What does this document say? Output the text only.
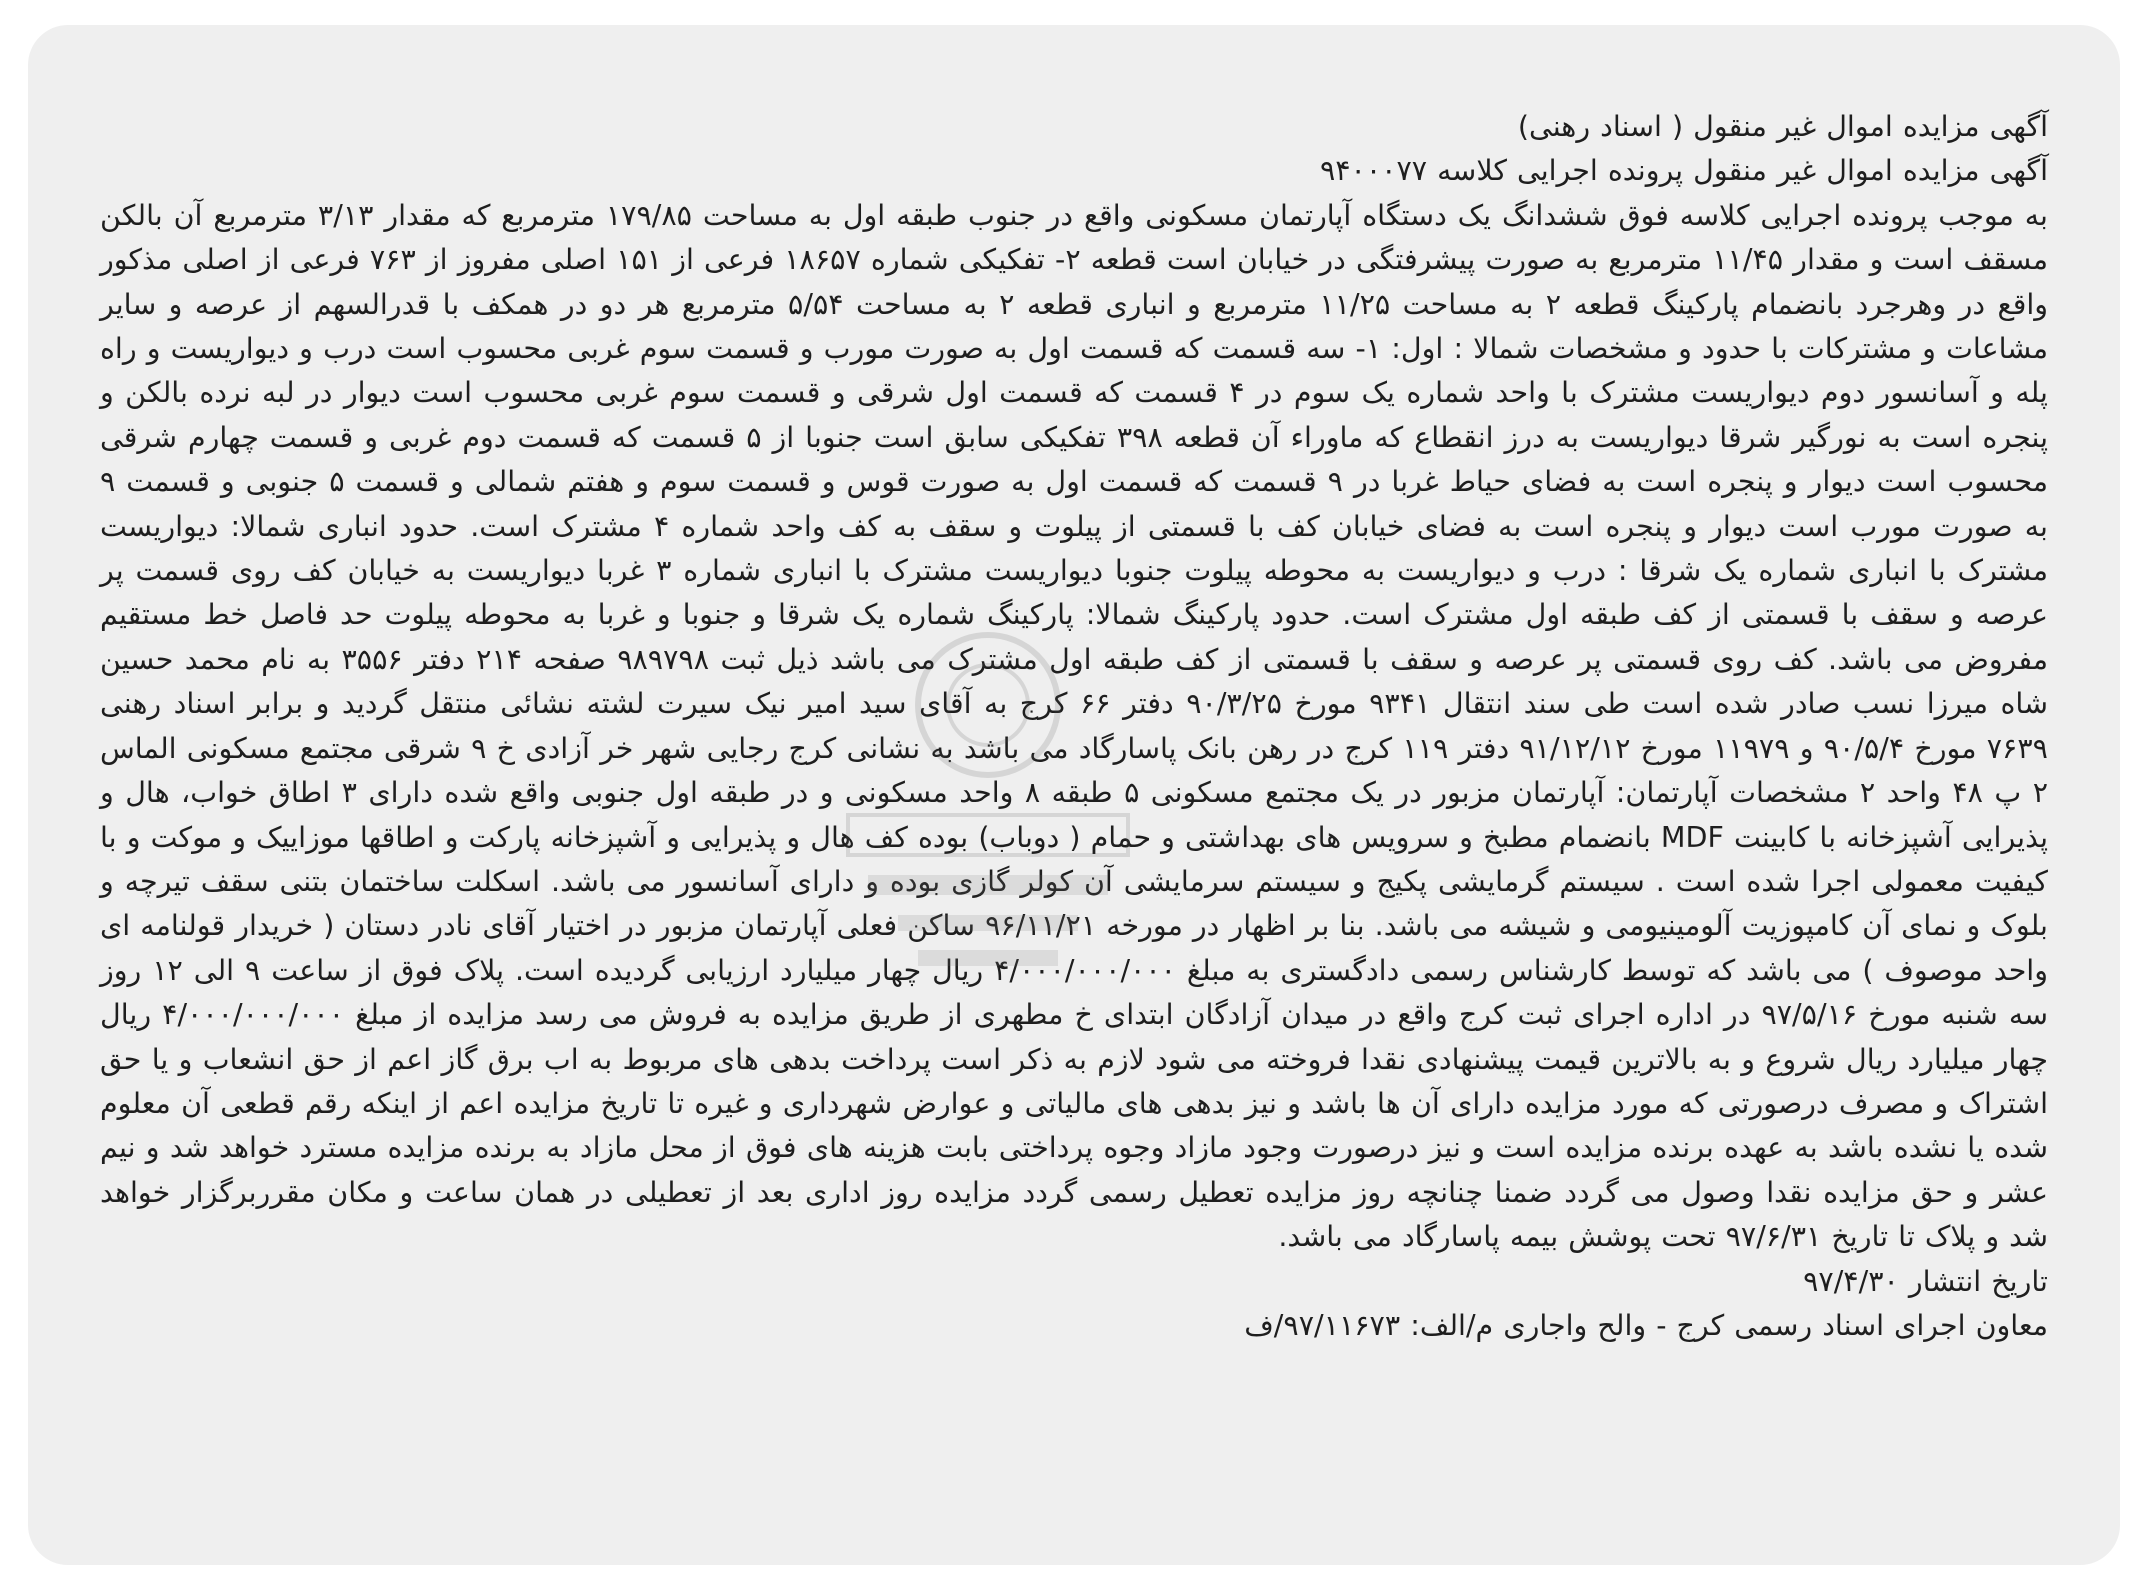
آگهی مزایده اموال غیر منقول ( اسناد رهنی)
آگهی مزایده اموال غیر منقول پرونده اجرایی کلاسه ۹۴۰۰۰۷۷
به موجب پرونده اجرایی کلاسه فوق ششدانگ یک دستگاه آپارتمان مسکونی واقع در جنوب طبقه اول به مساحت ۱۷۹/۸۵ مترمربع که مقدار ۳/۱۳ مترمربع آن بالکن مسقف است و مقدار ۱۱/۴۵ مترمربع به صورت پیشرفتگی در خیابان است قطعه ۲- تفکیکی شماره ۱۸۶۵۷ فرعی از ۱۵۱ اصلی مفروز از ۷۶۳ فرعی از اصلی مذکور واقع در وهرجرد بانضمام پارکینگ قطعه ۲ به مساحت ۱۱/۲۵ مترمربع و انباری قطعه ۲ به مساحت ۵/۵۴ مترمربع هر دو در همکف با قدرالسهم از عرصه و سایر مشاعات و مشترکات با حدود و مشخصات شمالا : اول: ۱- سه قسمت که قسمت اول به صورت مورب و قسمت سوم غربی محسوب است درب و دیواریست و راه پله و آسانسور دوم دیواریست مشترک با واحد شماره یک سوم در ۴ قسمت که قسمت اول شرقی و قسمت سوم غربی محسوب است دیوار در لبه نرده بالکن و پنجره است به نورگیر شرقا دیواریست به درز انقطاع که ماوراء آن قطعه ۳۹۸ تفکیکی سابق است جنوبا از ۵ قسمت که قسمت دوم غربی و قسمت چهارم شرقی محسوب است دیوار و پنجره است به فضای حیاط غربا در ۹ قسمت که قسمت اول به صورت قوس و قسمت سوم و هفتم شمالی و قسمت ۵ جنوبی و قسمت ۹ به صورت مورب است دیوار و پنجره است به فضای خیابان کف با قسمتی از پیلوت و سقف به کف واحد شماره ۴ مشترک است. حدود انباری شمالا: دیواریست مشترک با انباری شماره یک شرقا : درب و دیواریست به محوطه پیلوت جنوبا دیواریست مشترک با انباری شماره ۳ غربا دیواریست به خیابان کف روی قسمت پر عرصه و سقف با قسمتی از کف طبقه اول مشترک است. حدود پارکینگ شمالا: پارکینگ شماره یک شرقا و جنوبا و غربا به محوطه پیلوت حد فاصل خط مستقیم مفروض می باشد. کف روی قسمتی پر عرصه و سقف با قسمتی از کف طبقه اول مشترک می باشد ذیل ثبت ۹۸۹۷۹۸ صفحه ۲۱۴ دفتر ۳۵۵۶ به نام محمد حسین شاه میرزا نسب صادر شده است طی سند انتقال ۹۳۴۱ مورخ ۹۰/۳/۲۵ دفتر ۶۶ کرج به آقای سید امیر نیک سیرت لشته نشائی منتقل گردید و برابر اسناد رهنی ۷۶۳۹ مورخ ۹۰/۵/۴ و ۱۱۹۷۹ مورخ ۹۱/۱۲/۱۲ دفتر ۱۱۹ کرج در رهن بانک پاسارگاد می باشد به نشانی کرج رجایی شهر خر آزادی خ ۹ شرقی مجتمع مسکونی الماس ۲ پ ۴۸ واحد ۲ مشخصات آپارتمان: آپارتمان مزبور در یک مجتمع مسکونی ۵ طبقه ۸ واحد مسکونی و در طبقه اول جنوبی واقع شده دارای ۳ اطاق خواب، هال و پذیرایی آشپزخانه با کابینت MDF بانضمام مطبخ و سرویس های بهداشتی و حمام ( دوباب) بوده کف هال و پذیرایی و آشپزخانه پارکت و اطاقها موزاییک و موکت و با کیفیت معمولی اجرا شده است . سیستم گرمایشی پکیج و سیستم سرمایشی آن کولر گازی بوده و دارای آسانسور می باشد. اسکلت ساختمان بتنی سقف تیرچه و بلوک و نمای آن کامپوزیت آلومینیومی و شیشه می باشد. بنا بر اظهار در مورخه ۹۶/۱۱/۲۱ ساکن فعلی آپارتمان مزبور در اختیار آقای نادر دستان ( خریدار قولنامه ای واحد موصوف ) می باشد که توسط کارشناس رسمی دادگستری به مبلغ ۴/۰۰۰/۰۰۰/۰۰۰ ریال چهار میلیارد ارزیابی گردیده است. پلاک فوق از ساعت ۹ الی ۱۲ روز سه شنبه مورخ ۹۷/۵/۱۶ در اداره اجرای ثبت کرج واقع در میدان آزادگان ابتدای خ مطهری از طریق مزایده به فروش می رسد مزایده از مبلغ ۴/۰۰۰/۰۰۰/۰۰۰ ریال چهار میلیارد ریال شروع و به بالاترین قیمت پیشنهادی نقدا فروخته می شود لازم به ذکر است پرداخت بدهی های مربوط به اب برق گاز اعم از حق انشعاب و یا حق اشتراک و مصرف درصورتی که مورد مزایده دارای آن ها باشد و نیز بدهی های مالیاتی و عوارض شهرداری و غیره تا تاریخ مزایده اعم از اینکه رقم قطعی آن معلوم شده یا نشده باشد به عهده برنده مزایده است و نیز درصورت وجود مازاد وجوه پرداختی بابت هزینه های فوق از محل مازاد به برنده مزایده مسترد خواهد شد و نیم عشر و حق مزایده نقدا وصول می گردد ضمنا چنانچه روز مزایده تعطیل رسمی گردد مزایده روز اداری بعد از تعطیلی در همان ساعت و مکان مقرربرگزار خواهد شد و پلاک تا تاریخ ۹۷/۶/۳۱ تحت پوشش بیمه پاسارگاد می باشد.
تاریخ انتشار ۹۷/۴/۳۰
معاون اجرای اسناد رسمی کرج - والح واجاری م/الف: ۹۷/۱۱۶۷۳/ف
